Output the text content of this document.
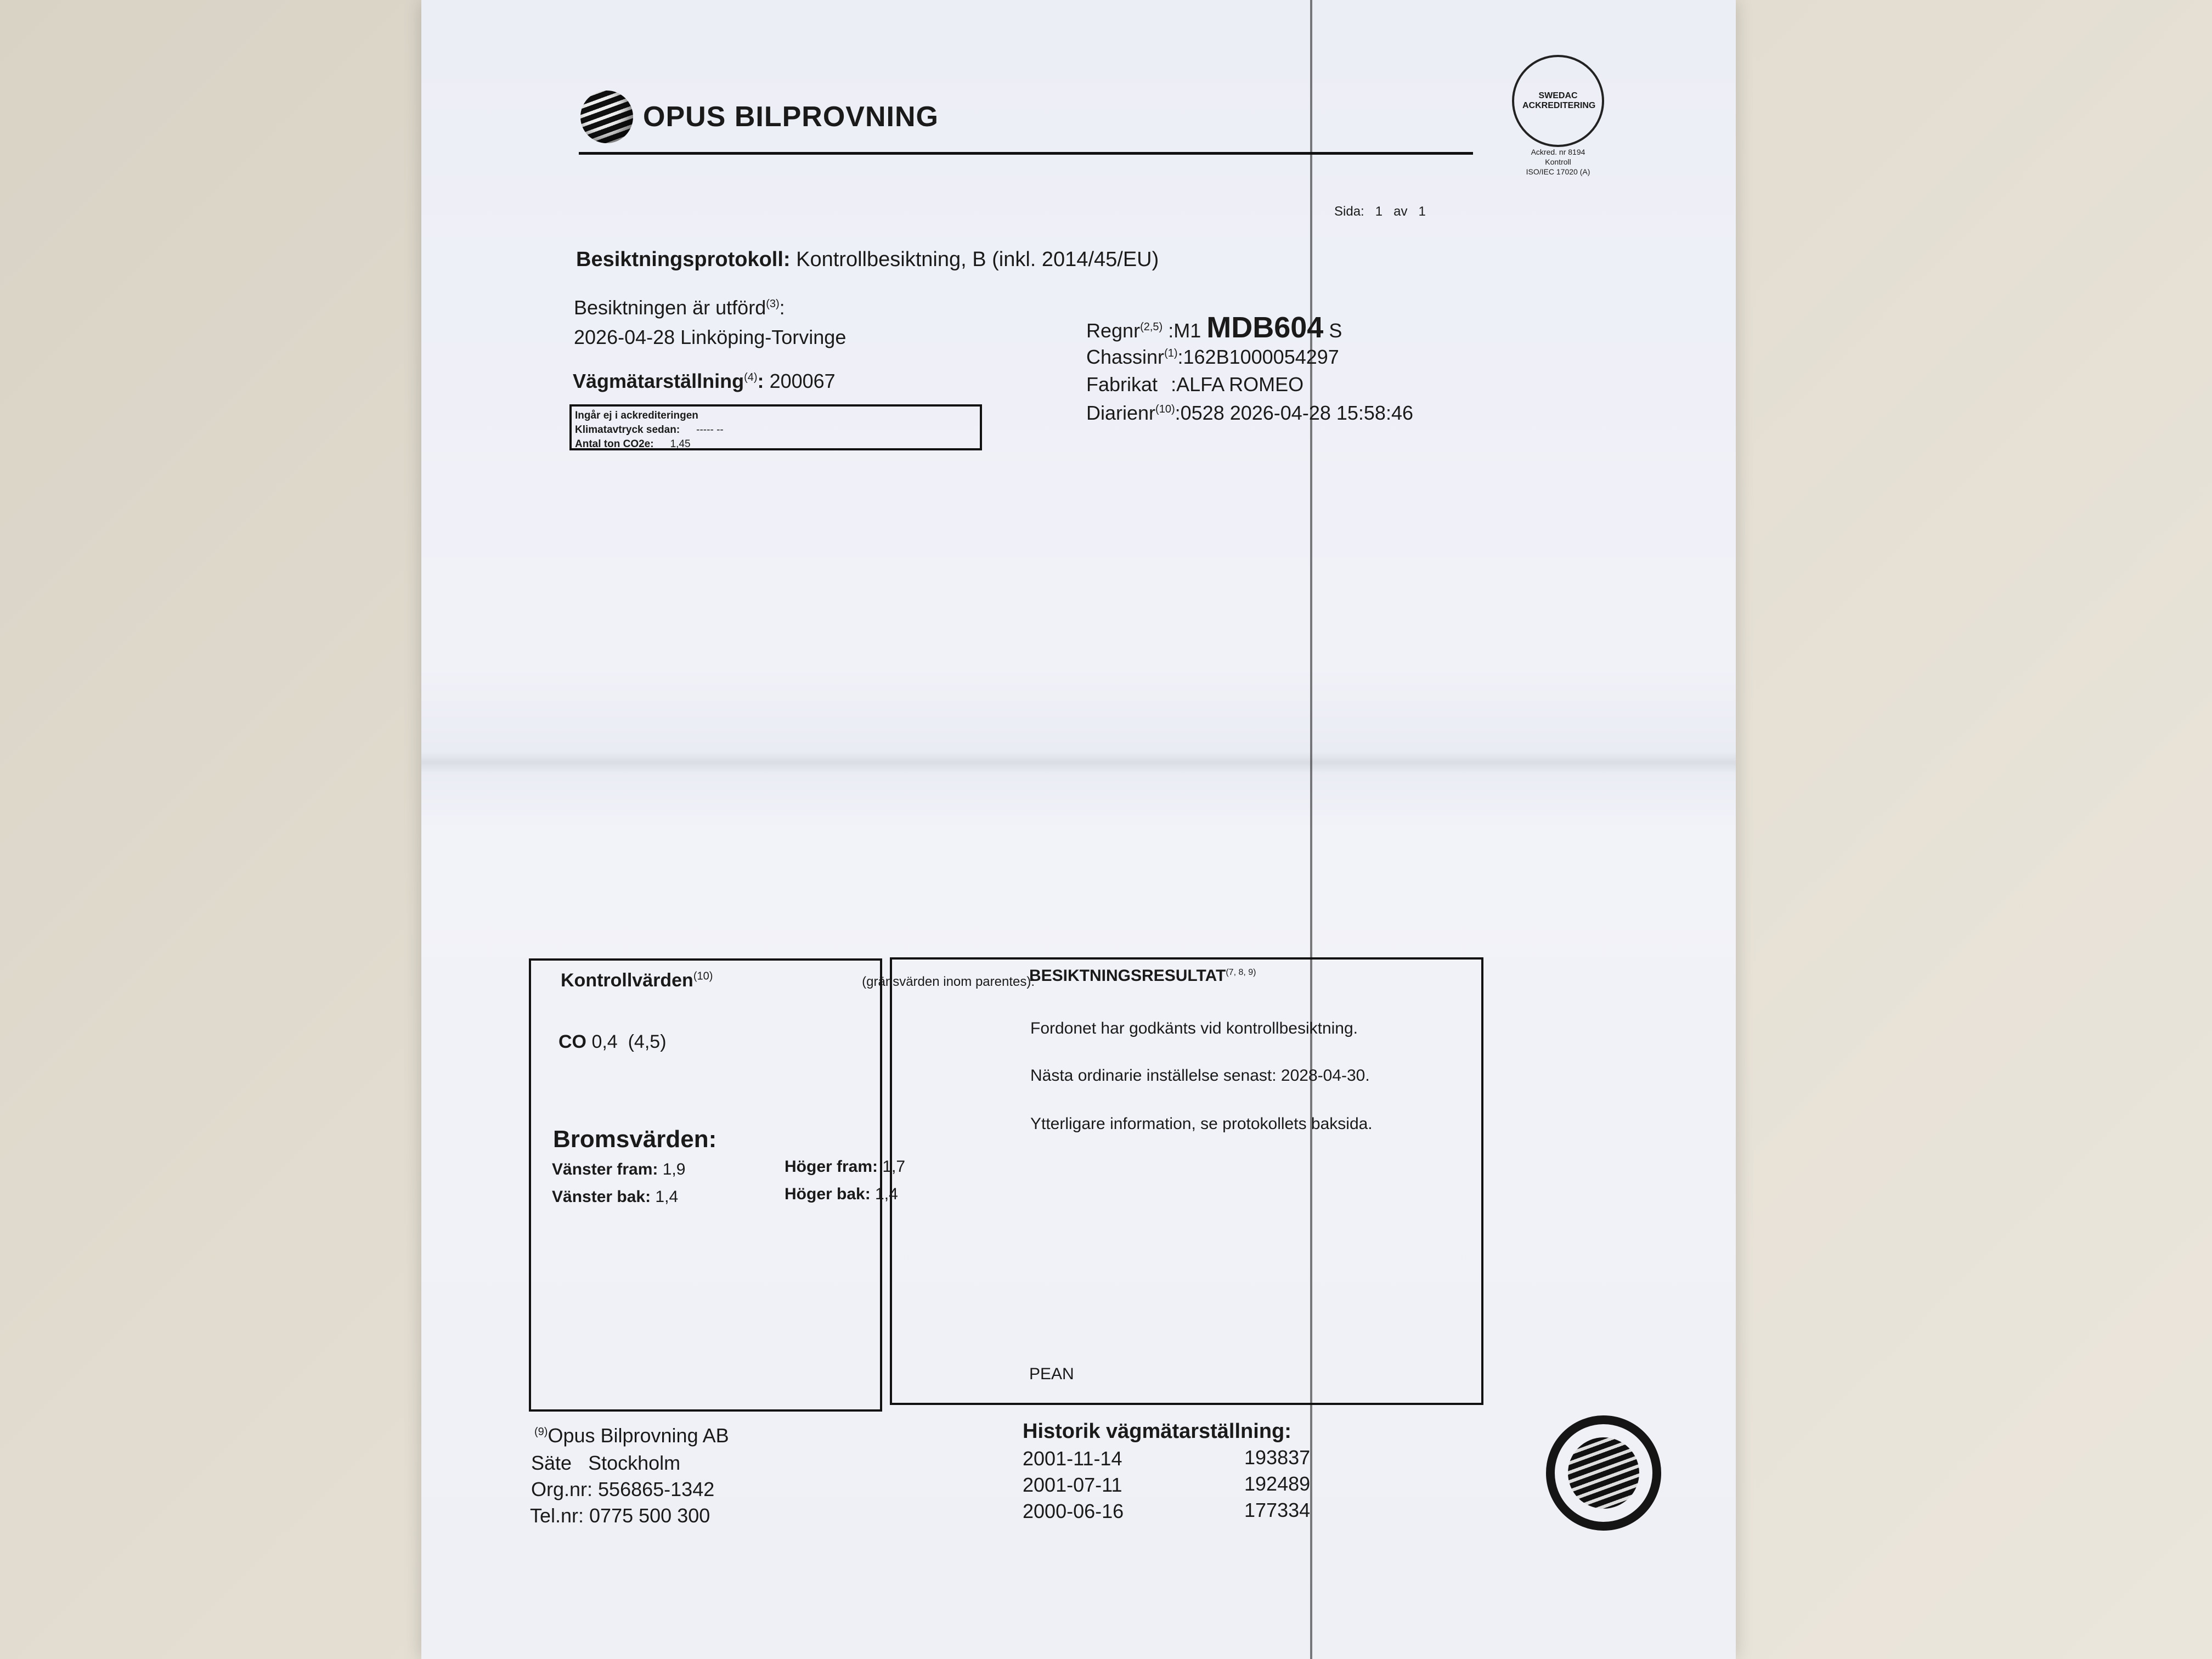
OPUS BILPROVNING
SWEDAC ACKREDITERING
Ackred. nr 8194
Kontroll
ISO/IEC 17020 (A)
Sida: 1 av 1
Besiktningsprotokoll: Kontrollbesiktning, B (inkl. 2014/45/EU)
Besiktningen är utförd$^{(3)}$:
2026-04-28 Linköping-Torvinge
Vägmätarställning$^{(4)}$: 200067
Ingår ej i ackrediteringen
Klimatavtryck sedan: ----- --
Antal ton CO2e: 1,45
Regnr$^{(2,5)}$ :M1 MDB604 S
Chassinr$^{(1)}$:162B1000054297
Fabrikat :ALFA ROMEO
Diarienr$^{(10)}$:0528 2026-04-28 15:58:46
Kontrollvärden$^{(10)}$	(gränsvärden inom parentes):
CO 0,4  (4,5)
Bromsvärden:
Vänster fram: 1,9	Höger fram: 1,7
Vänster bak: 1,4	Höger bak: 1,4
BESIKTNINGSRESULTAT$^{(7, 8, 9)}$
Fordonet har godkänts vid kontrollbesiktning.
Nästa ordinarie inställelse senast: 2028-04-30.
Ytterligare information, se protokollets baksida.
PEAN
$^{(9)}$Opus Bilprovning AB
Säte   Stockholm
Org.nr: 556865-1342
Tel.nr: 0775 500 300
Historik vägmätarställning:
2001-11-14	193837
2001-07-11	192489
2000-06-16	177334
